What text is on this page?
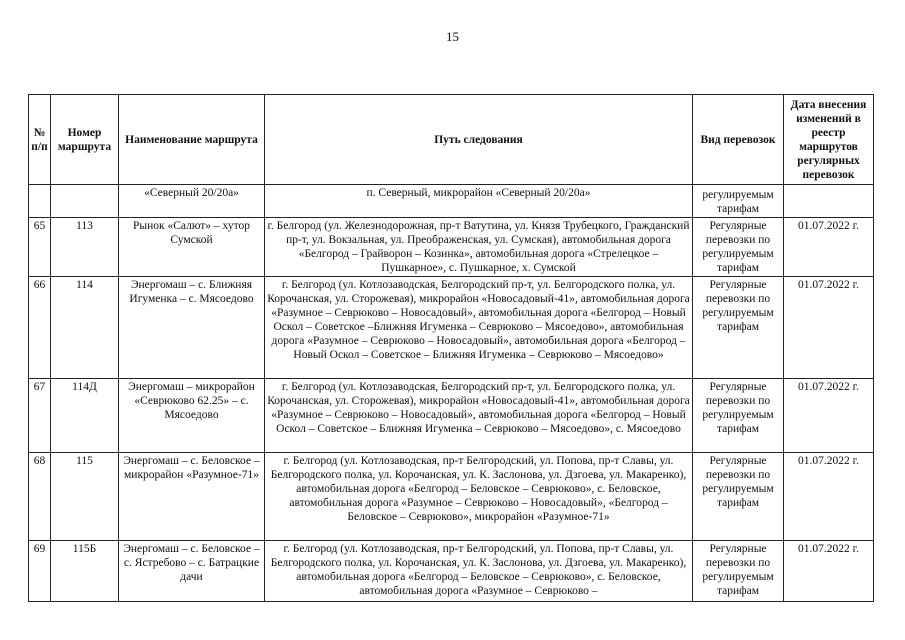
15
№ п/п	Номер маршрута	Наименование маршрута	Путь следования	Вид перевозок	Дата внесения изменений в реестр маршрутов регулярных перевозок
		«Северный 20/20а»	п. Северный, микрорайон «Северный 20/20а»	регулируемым тарифам	
65	113	Рынок «Салют» – хутор Сумской	г. Белгород (ул. Железнодорожная, пр-т Ватутина, ул. Князя Трубецкого, Гражданский пр-т, ул. Вокзальная, ул. Преображенская, ул. Сумская), автомобильная дорога «Белгород – Грайворон – Козинка», автомобильная дорога «Стрелецкое – Пушкарное», с. Пушкарное, х. Сумской	Регулярные перевозки по регулируемым тарифам	01.07.2022 г.
66	114	Энергомаш – с. Ближняя Игуменка – с. Мясоедово	г. Белгород (ул. Котлозаводская, Белгородский пр-т, ул. Белгородского полка, ул. Корочанская, ул. Сторожевая), микрорайон «Новосадовый-41», автомобильная дорога «Разумное – Севрюково – Новосадовый», автомобильная дорога «Белгород – Новый Оскол – Советское –Ближняя Игуменка – Севрюково – Мясоедово», автомобильная дорога «Разумное – Севрюково – Новосадовый», автомобильная дорога «Белгород – Новый Оскол – Советское – Ближняя Игуменка – Севрюково – Мясоедово»	Регулярные перевозки по регулируемым тарифам	01.07.2022 г.
67	114Д	Энергомаш – микрорайон «Севрюково 62.25» – с. Мясоедово	г. Белгород (ул. Котлозаводская, Белгородский пр-т, ул. Белгородского полка, ул. Корочанская, ул. Сторожевая), микрорайон «Новосадовый-41», автомобильная дорога «Разумное – Севрюково – Новосадовый», автомобильная дорога «Белгород – Новый Оскол – Советское – Ближняя Игуменка – Севрюково – Мясоедово», с. Мясоедово	Регулярные перевозки по регулируемым тарифам	01.07.2022 г.
68	115	Энергомаш – с. Беловское – микрорайон «Разумное-71»	г. Белгород (ул. Котлозаводская, пр-т Белгородский, ул. Попова, пр-т Славы, ул. Белгородского полка, ул. Корочанская, ул. К. Заслонова, ул. Дзгоева, ул. Макаренко), автомобильная дорога «Белгород – Беловское – Севрюково», с. Беловское, автомобильная дорога «Разумное – Севрюково – Новосадовый», «Белгород – Беловское – Севрюково», микрорайон «Разумное-71»	Регулярные перевозки по регулируемым тарифам	01.07.2022 г.
69	115Б	Энергомаш – с. Беловское – с. Ястребово – с. Батрацкие дачи	г. Белгород (ул. Котлозаводская, пр-т Белгородский, ул. Попова, пр-т Славы, ул. Белгородского полка, ул. Корочанская, ул. К. Заслонова, ул. Дзгоева, ул. Макаренко), автомобильная дорога «Белгород – Беловское – Севрюково», с. Беловское, автомобильная дорога «Разумное – Севрюково –	Регулярные перевозки по регулируемым тарифам	01.07.2022 г.
